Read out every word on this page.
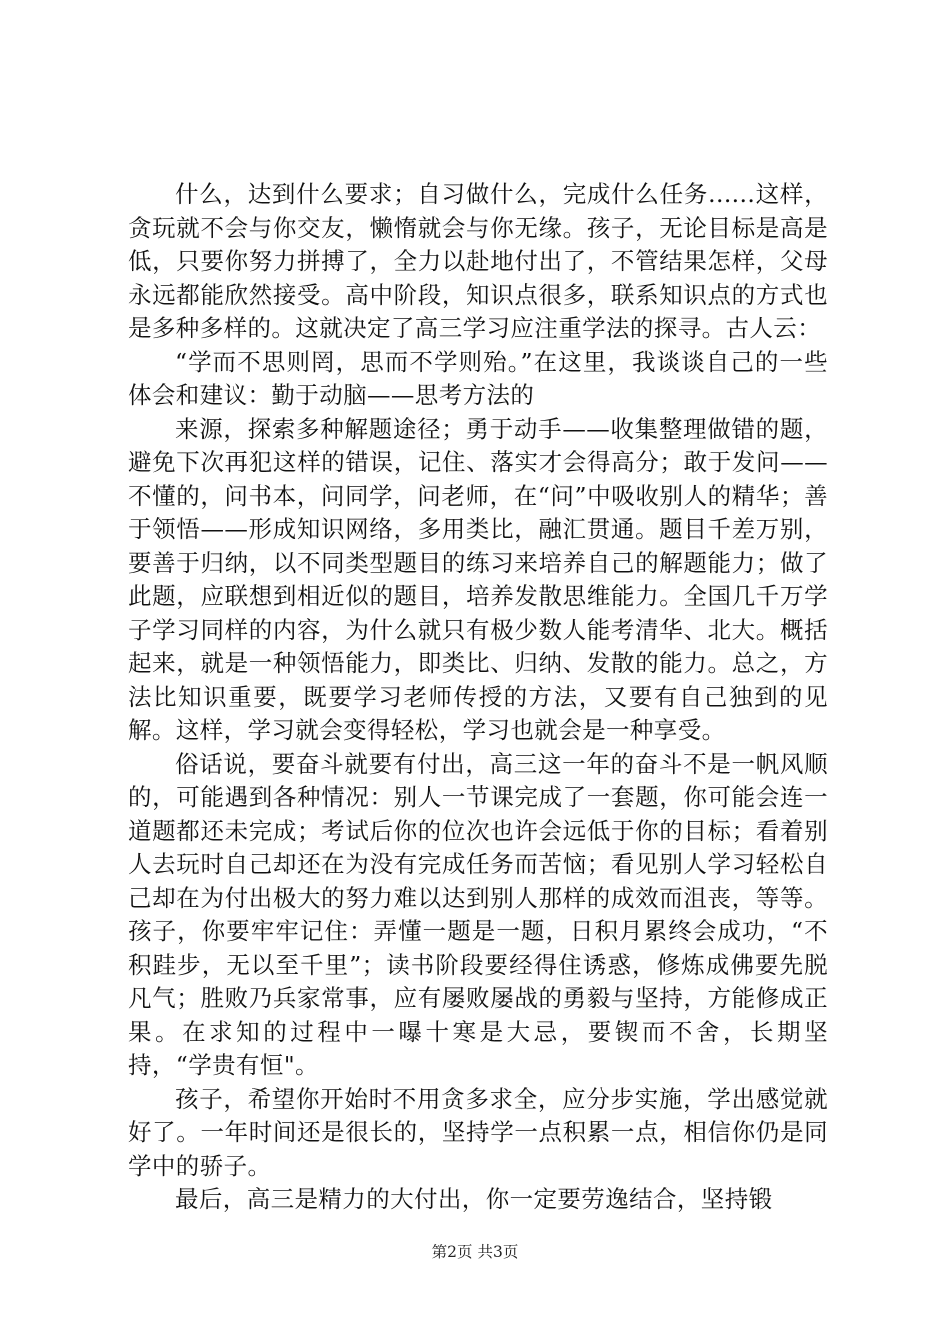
什么，达到什么要求；自习做什么，完成什么任务......这样，贪玩就不会与你交友，懒惰就会与你无缘。孩子，无论目标是高是低，只要你努力拼搏了，全力以赴地付出了，不管结果怎样，父母永远都能欣然接受。高中阶段，知识点很多，联系知识点的方式也是多种多样的。这就决定了高三学习应注重学法的探寻。古人云：

“学而不思则罔，思而不学则殆。”在这里，我谈谈自己的一些体会和建议：勤于动脑——思考方法的

来源，探索多种解题途径；勇于动手——收集整理做错的题，避免下次再犯这样的错误，记住、落实才会得高分；敢于发问——不懂的，问书本，问同学，问老师，在“问”中吸收别人的精华；善于领悟——形成知识网络，多用类比，融汇贯通。题目千差万别，要善于归纳，以不同类型题目的练习来培养自己的解题能力；做了此题，应联想到相近似的题目，培养发散思维能力。全国几千万学子学习同样的内容，为什么就只有极少数人能考清华、北大。概括起来，就是一种领悟能力，即类比、归纳、发散的能力。总之，方法比知识重要，既要学习老师传授的方法，又要有自己独到的见解。这样，学习就会变得轻松，学习也就会是一种享受。

俗话说，要奋斗就要有付出，高三这一年的奋斗不是一帆风顺的，可能遇到各种情况：别人一节课完成了一套题，你可能会连一道题都还未完成；考试后你的位次也许会远低于你的目标；看着别人去玩时自己却还在为没有完成任务而苦恼；看见别人学习轻松自己却在为付出极大的努力难以达到别人那样的成效而沮丧，等等。孩子，你要牢牢记住：弄懂一题是一题，日积月累终会成功，“不积跬步，无以至千里”；读书阶段要经得住诱惑，修炼成佛要先脱凡气；胜败乃兵家常事，应有屡败屡战的勇毅与坚持，方能修成正果。在求知的过程中一曝十寒是大忌，要锲而不舍，长期坚持，“学贵有恒"。

孩子，希望你开始时不用贪多求全，应分步实施，学出感觉就好了。一年时间还是很长的，坚持学一点积累一点，相信你仍是同学中的骄子。

最后，高三是精力的大付出，你一定要劳逸结合，坚持锻

第2页 共3页
